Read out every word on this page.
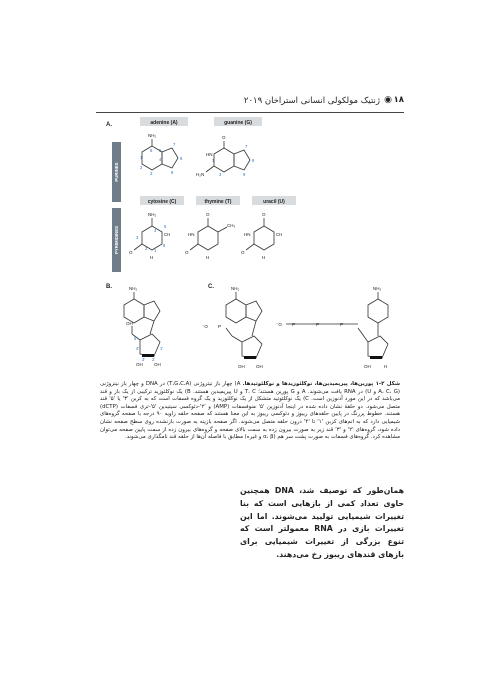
۱۸
◉
ژنتیک مولکولی انسانی استراخان ۲۰۱۹
A.	adenine (A)	guanine (G)
PURINES
NH₂
6
1
2
3
4
5
7
8
9
O
H₂N
HN
1
3
7
8
9
cytosine (C)	thymine (T)	uracil (U)
PYRIMIDINES
NH₂
O
CH
H
4
3
2 1
6
5
O
CH₃
HN
O
H
O
HN	CH
O
H
B.	NH₂
OH
OH	OH
5'
4'	1'
3' 2'
C.	NH₂
P
⁻O
OH	OH
P	P	P
⁻O
NH₂
OH	H
شکل ۲-۱ پورین‌ها، پیریمیدین‌ها، نوکلئوزیدها و نوکلئوتیدها. A) چهار باز نیتروژنی (T،G،C،A) در DNA و چهار باز نیتروژنی (A، C، G و U) در RNA یافت می‌شوند. A و G پورین هستند؛ T، C و U پیریمیدین هستند. B) یک نوکلئوزید ترکیبی از یک باز و قند می‌باشد که در این مورد آدنوزین است. C) یک نوکلئوتید متشکل از یک نوکلئوزید و یک گروه فسفات است که به کربن '۳' یا '۵' قند متصل می‌شود. دو حلقهٔ نشان داده شده در اینجا آدنوزین '۵' منوفسفات (AMP) و '۲'-دئوکسی سیتیدین '۵'-تری فسفات (dCTP) هستند. خطوط پررنگ در پایین حلقه‌های ریبوز و دئوکسی ریبوز به این معنا هستند که صفحه حلقه زاویه ۹۰ درجه با صفحه گروه‌های شیمیایی دارد که به اتم‌های کربن '۱' تا '۴' درون حلقه متصل می‌شوند. اگر صفحه بازینه به صورت بازنشده روی سطح صفحه نشان داده شود، گروه‌های '۲' و '۳' قند زیر به صورت بیرون زده به سمت بالای صفحه و گروه‌های بیرون زده از سمت پایین صفحه می‌توان مشاهده کرد. گروه‌های فسفات به صورت پشت سر هم (α، β و غیره) مطابق با فاصله آن‌ها از حلقه قند نامگذاری می‌شوند.
همان‌طور که توصیف شد، DNA همچنین حاوی تعداد کمی از بازهایی است که بنا تغییرات شیمیایی تولیید می‌شوند. اما این تغییرات بازی در RNA معمولتر است که تنوع بزرگی از تغییرات شیمیایی برای بازهای قندهای ریبوز رخ می‌دهند.
